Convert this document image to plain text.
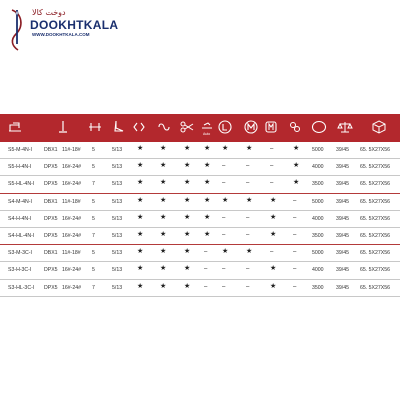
دوخت کالا
DOOKHTKALA
WWW.DOOKHTKALA.COM
Auto
S5-M-4N-I DBX1 11#-18# 5	5/13 ★ ★	★ ★ ★	★	–	★ 5000 39/45 65. 5X27X56
S5-H-4N-I DPX5 16#-24# 5	5/13 ★ ★	★ ★ –	–	–	★ 4000 39/45 65. 5X27X56
S5-HL-4N-I DPX5 16#-24# 7	5/13 ★ ★	★ ★ –	–	–	★ 3500 39/45 65. 5X27X56
S4-M-4N-I DBX1 11#-18# 5	5/13 ★ ★	★ ★ ★	★	★	–	5000 39/45 65. 5X27X56
S4-H-4N-I DPX5 16#-24# 5	5/13 ★ ★	★ ★ –	–	★	–	4000 39/45 65. 5X27X56
S4-HL-4N-I DPX5 16#-24# 7	5/13 ★ ★	★ ★ –	–	★	–	3500 39/45 65. 5X27X56
S3-M-3C-I DBX1 11#-18# 5	5/13 ★ ★	★ – ★	★	–	–	5000 39/45 65. 5X27X56
S3-H-3C-I DPX5 16#-24# 5	5/13 ★ ★	★ – –	–	★	–	4000 39/45 65. 5X27X56
S3-HL-3C-I DPX5 16#-24# 7	5/13 ★ ★	★ – –	–	★	–	3500 39/45 65. 5X27X56
